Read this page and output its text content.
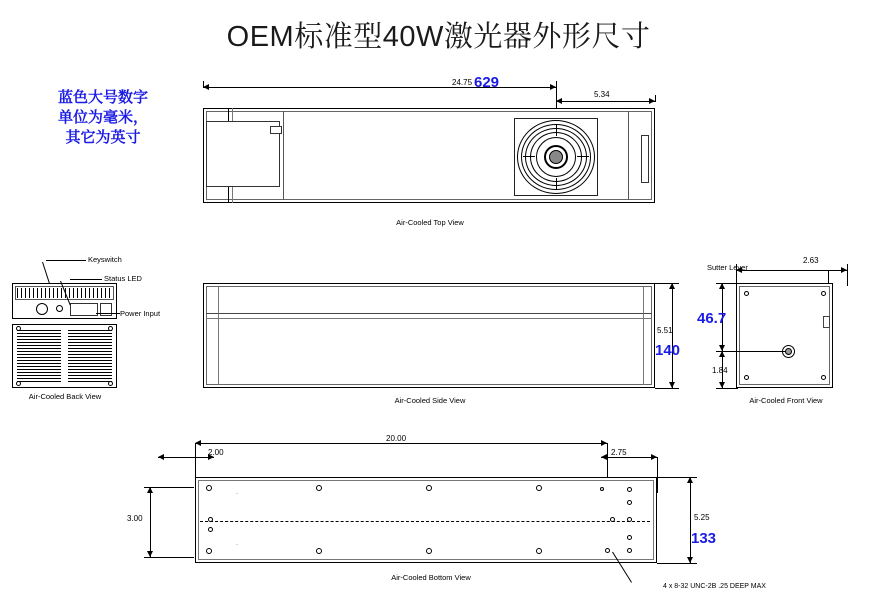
OEM标准型40W激光器外形尺寸
蓝色大号数字
单位为毫米，
其它为英寸
24.75 629
5.34
Air-Cooled Top View
Keyswitch
Status LED
Power Input
Air-Cooled Back View
5.51
140
Air-Cooled Side View
2.63
Sutter Lever
46.7
1.84
Air-Cooled Front View
20.00
2.00	2.75
·
·
3.00	5.25
133
4 x 8-32 UNC-2B .25 DEEP MAX
Air-Cooled Bottom View
